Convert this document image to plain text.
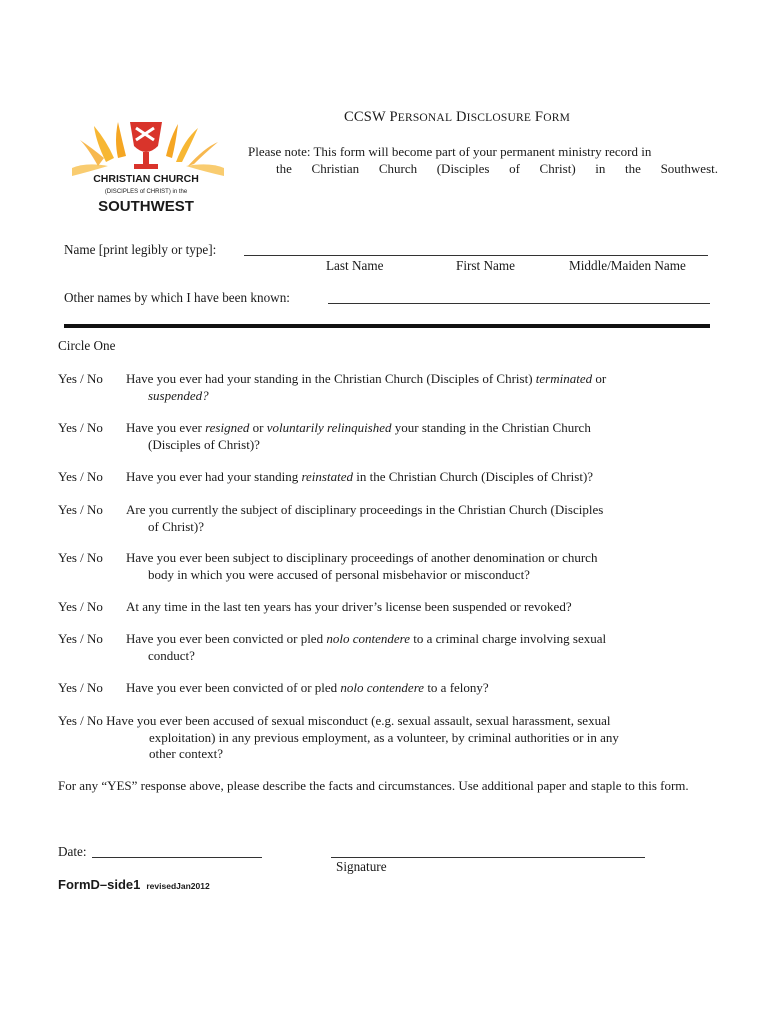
CHRISTIAN CHURCH
(DISCIPLES of CHRIST) in the
SOUTHWEST
CCSW PERSONAL DISCLOSURE FORM
Please note: This form will become part of your permanent ministry record in
the Christian Church (Disciples of Christ) in the Southwest.
Name [print legibly or type]:
Last Name	First Name	Middle/Maiden Name
Other names by which I have been known:
Circle One
Yes / No Have you ever had your standing in the Christian Church (Disciples of Christ) terminated or
suspended?
Yes / No Have you ever resigned or voluntarily relinquished your standing in the Christian Church
(Disciples of Christ)?
Yes / No Have you ever had your standing reinstated in the Christian Church (Disciples of Christ)?
Yes / No Are you currently the subject of disciplinary proceedings in the Christian Church (Disciples
of Christ)?
Yes / No Have you ever been subject to disciplinary proceedings of another denomination or church
body in which you were accused of personal misbehavior or misconduct?
Yes / No At any time in the last ten years has your driver’s license been suspended or revoked?
Yes / No Have you ever been convicted or pled nolo contendere to a criminal charge involving sexual
conduct?
Yes / No Have you ever been convicted of or pled nolo contendere to a felony?
Yes / No Have you ever been accused of sexual misconduct (e.g. sexual assault, sexual harassment, sexual
exploitation) in any previous employment, as a volunteer, by criminal authorities or in any
other context?
For any “YES” response above, please describe the facts and circumstances. Use additional paper and staple to this form.
Date:
Signature
FormD–side1 revisedJan2012
